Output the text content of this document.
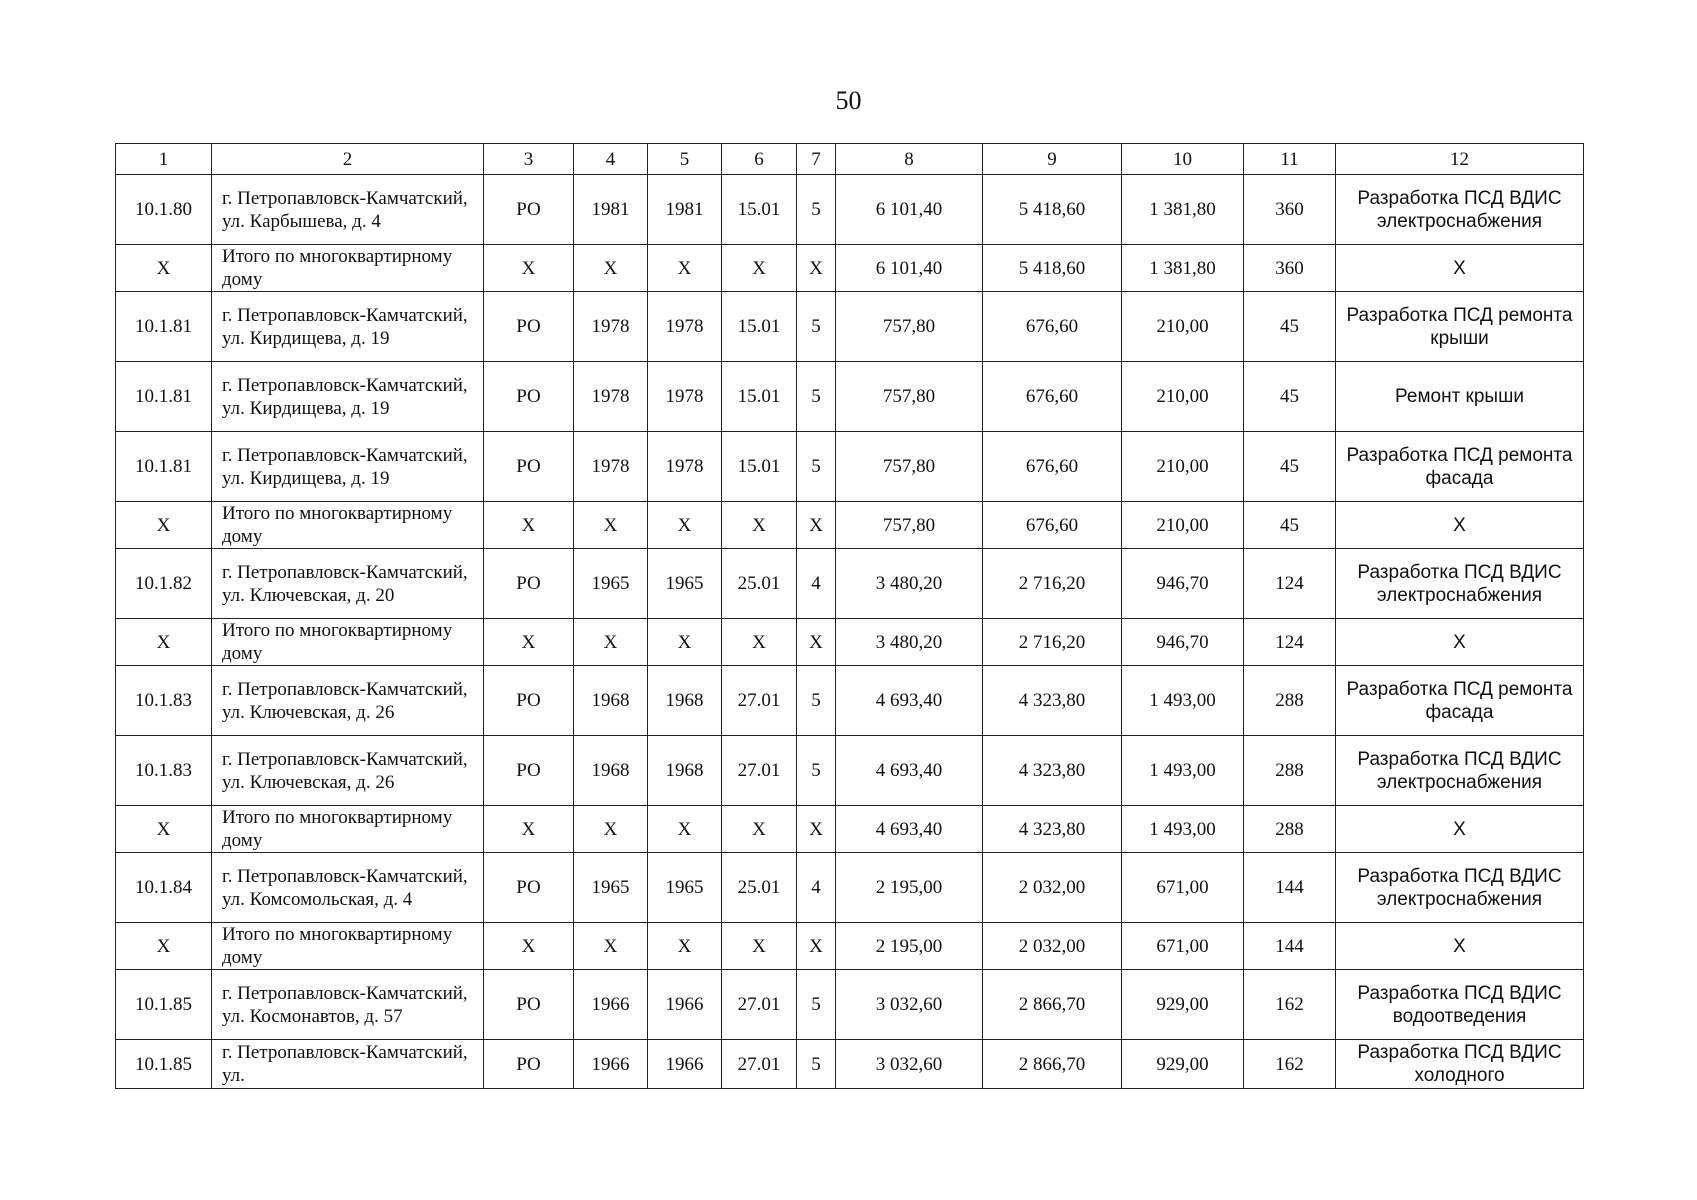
50
1	2	3	4	5	6	7	8	9	10	11	12
10.1.80	г. Петропавловск-Камчатский, ул. Карбышева, д. 4	РО	1981	1981	15.01	5	6 101,40	5 418,60	1 381,80	360	Разработка ПСД ВДИС электроснабжения
X	Итого по многоквартирному дому	X	X	X	X	X	6 101,40	5 418,60	1 381,80	360	X
10.1.81	г. Петропавловск-Камчатский, ул. Кирдищева, д. 19	РО	1978	1978	15.01	5	757,80	676,60	210,00	45	Разработка ПСД ремонта крыши
10.1.81	г. Петропавловск-Камчатский, ул. Кирдищева, д. 19	РО	1978	1978	15.01	5	757,80	676,60	210,00	45	Ремонт крыши
10.1.81	г. Петропавловск-Камчатский, ул. Кирдищева, д. 19	РО	1978	1978	15.01	5	757,80	676,60	210,00	45	Разработка ПСД ремонта фасада
X	Итого по многоквартирному дому	X	X	X	X	X	757,80	676,60	210,00	45	X
10.1.82	г. Петропавловск-Камчатский, ул. Ключевская, д. 20	РО	1965	1965	25.01	4	3 480,20	2 716,20	946,70	124	Разработка ПСД ВДИС электроснабжения
X	Итого по многоквартирному дому	X	X	X	X	X	3 480,20	2 716,20	946,70	124	X
10.1.83	г. Петропавловск-Камчатский, ул. Ключевская, д. 26	РО	1968	1968	27.01	5	4 693,40	4 323,80	1 493,00	288	Разработка ПСД ремонта фасада
10.1.83	г. Петропавловск-Камчатский, ул. Ключевская, д. 26	РО	1968	1968	27.01	5	4 693,40	4 323,80	1 493,00	288	Разработка ПСД ВДИС электроснабжения
X	Итого по многоквартирному дому	X	X	X	X	X	4 693,40	4 323,80	1 493,00	288	X
10.1.84	г. Петропавловск-Камчатский, ул. Комсомольская, д. 4	РО	1965	1965	25.01	4	2 195,00	2 032,00	671,00	144	Разработка ПСД ВДИС электроснабжения
X	Итого по многоквартирному дому	X	X	X	X	X	2 195,00	2 032,00	671,00	144	X
10.1.85	г. Петропавловск-Камчатский, ул. Космонавтов, д. 57	РО	1966	1966	27.01	5	3 032,60	2 866,70	929,00	162	Разработка ПСД ВДИС водоотведения
10.1.85	г. Петропавловск-Камчатский, ул.	РО	1966	1966	27.01	5	3 032,60	2 866,70	929,00	162	Разработка ПСД ВДИС холодного
